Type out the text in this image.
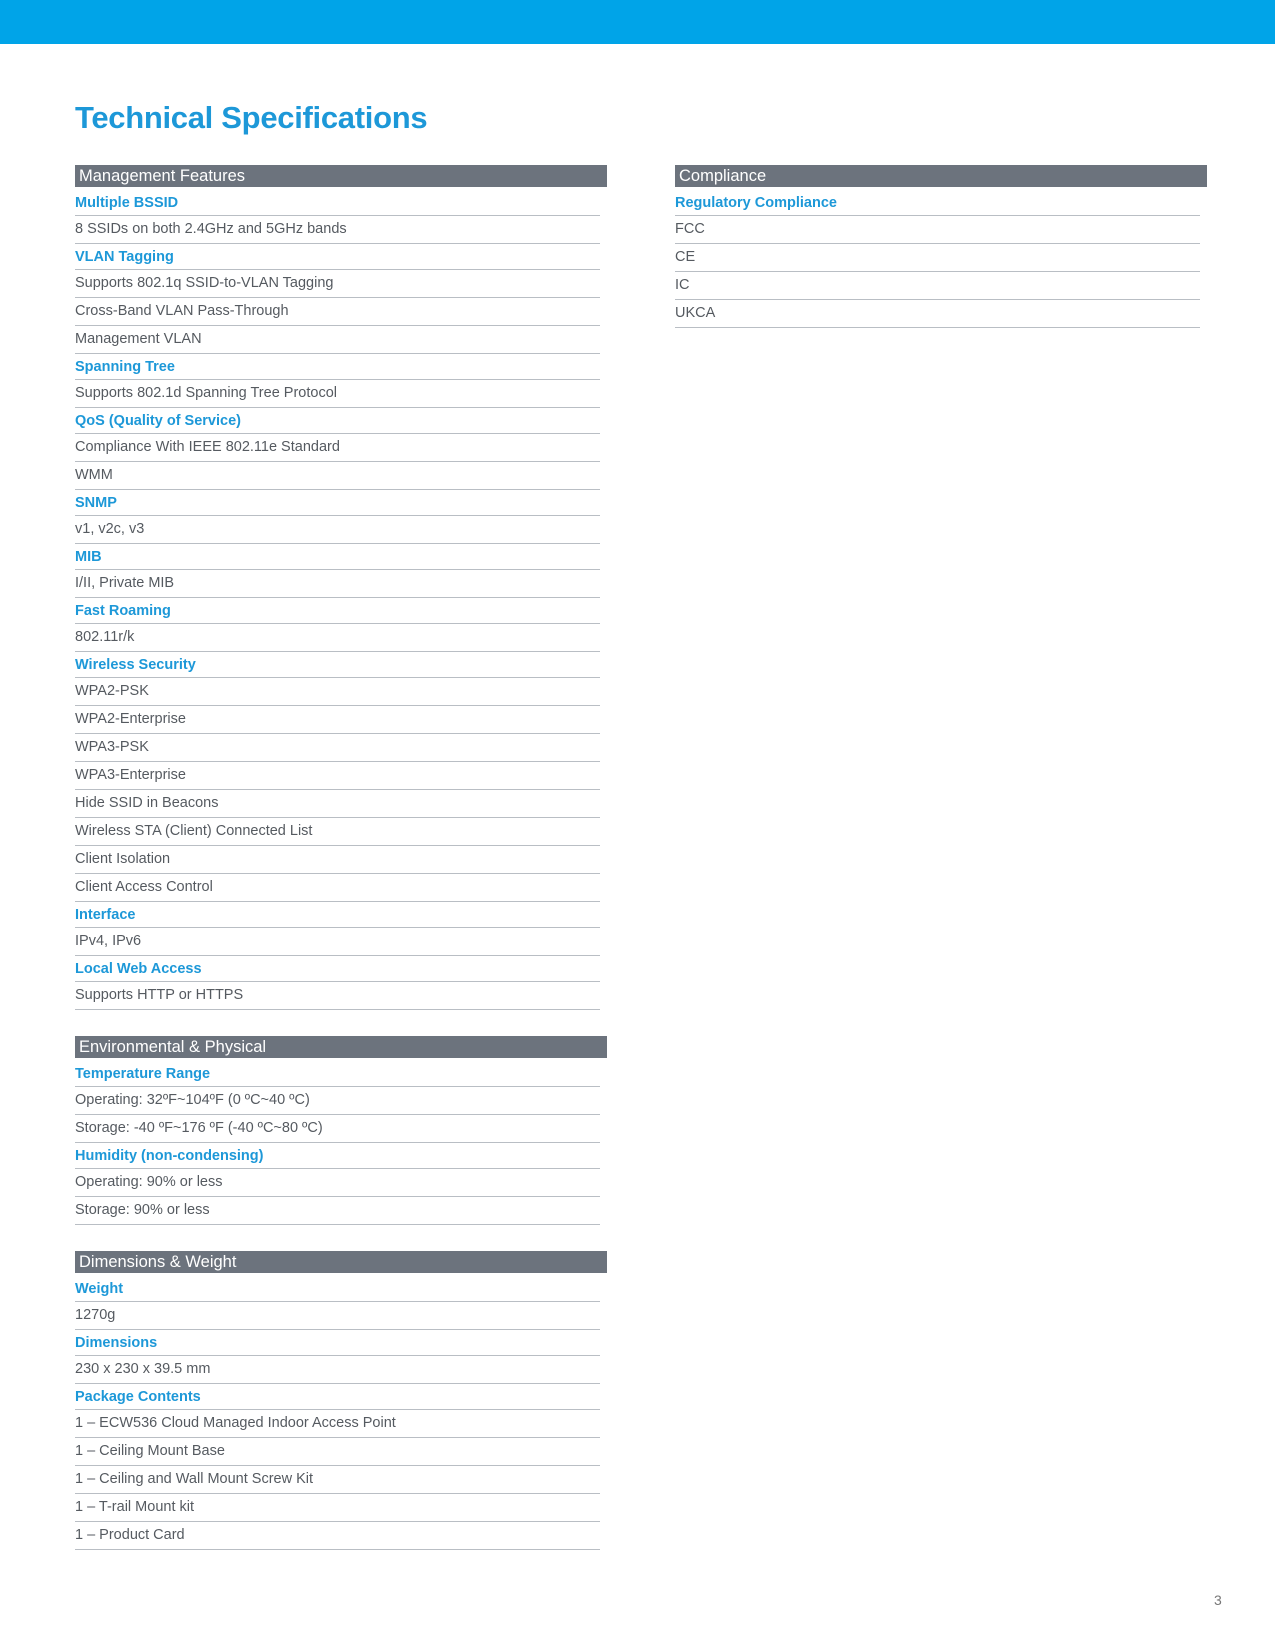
Technical Specifications
Management Features
Multiple BSSID
8 SSIDs on both 2.4GHz and 5GHz bands
VLAN Tagging
Supports 802.1q SSID-to-VLAN Tagging
Cross-Band VLAN Pass-Through
Management VLAN
Spanning Tree
Supports 802.1d Spanning Tree Protocol
QoS (Quality of Service)
Compliance With IEEE 802.11e Standard
WMM
SNMP
v1, v2c, v3
MIB
I/II, Private MIB
Fast Roaming
802.11r/k
Wireless Security
WPA2-PSK
WPA2-Enterprise
WPA3-PSK
WPA3-Enterprise
Hide SSID in Beacons
Wireless STA (Client) Connected List
Client Isolation
Client Access Control
Interface
IPv4, IPv6
Local Web Access
Supports HTTP or HTTPS
Environmental & Physical
Temperature Range
Operating: 32ºF~104ºF (0 ºC~40 ºC)
Storage: -40 ºF~176 ºF (-40 ºC~80 ºC)
Humidity (non-condensing)
Operating: 90% or less
Storage: 90% or less
Dimensions & Weight
Weight
1270g
Dimensions
230 x 230 x 39.5 mm
Package Contents
1 – ECW536 Cloud Managed Indoor Access Point
1 – Ceiling Mount Base
1 – Ceiling and Wall Mount Screw Kit
1 – T-rail Mount kit
1 – Product Card
Compliance
Regulatory Compliance
FCC
CE
IC
UKCA
3
